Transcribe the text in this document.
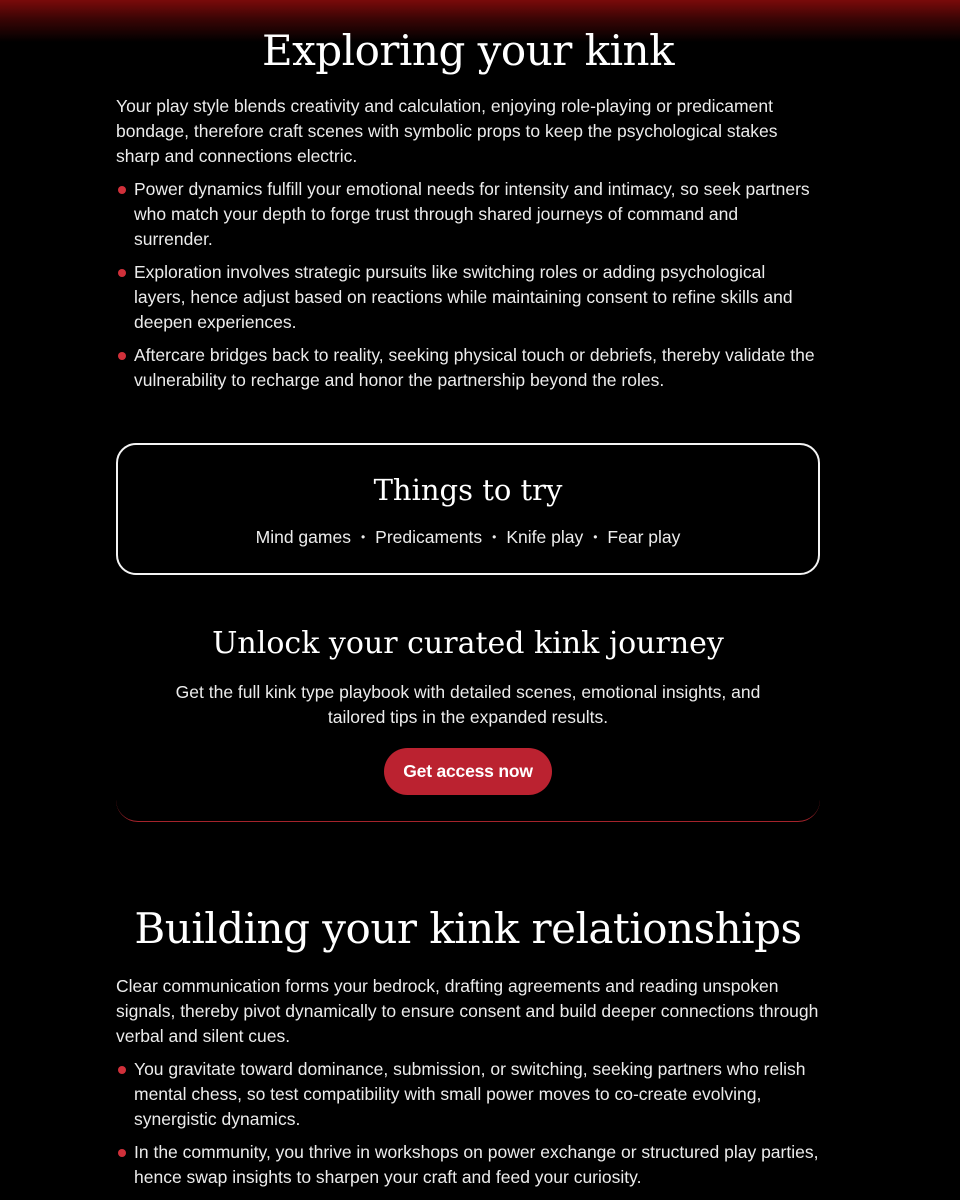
Exploring your kink

Your play style blends creativity and calculation, enjoying role-playing or predicament bondage, therefore craft scenes with symbolic props to keep the psychological stakes sharp and connections electric.

Power dynamics fulfill your emotional needs for intensity and intimacy, so seek partners who match your depth to forge trust through shared journeys of command and surrender.
Exploration involves strategic pursuits like switching roles or adding psychological layers, hence adjust based on reactions while maintaining consent to refine skills and deepen experiences.
Aftercare bridges back to reality, seeking physical touch or debriefs, thereby validate the vulnerability to recharge and honor the partnership beyond the roles.
Things to try
Mind games • Predicaments • Knife play • Fear play
Unlock your curated kink journey

Get the full kink type playbook with detailed scenes, emotional insights, and tailored tips in the expanded results.

Get access now
Building your kink relationships

Clear communication forms your bedrock, drafting agreements and reading unspoken signals, thereby pivot dynamically to ensure consent and build deeper connections through verbal and silent cues.

You gravitate toward dominance, submission, or switching, seeking partners who relish mental chess, so test compatibility with small power moves to co-create evolving, synergistic dynamics.
In the community, you thrive in workshops on power exchange or structured play parties, hence swap insights to sharpen your craft and feed your curiosity.
